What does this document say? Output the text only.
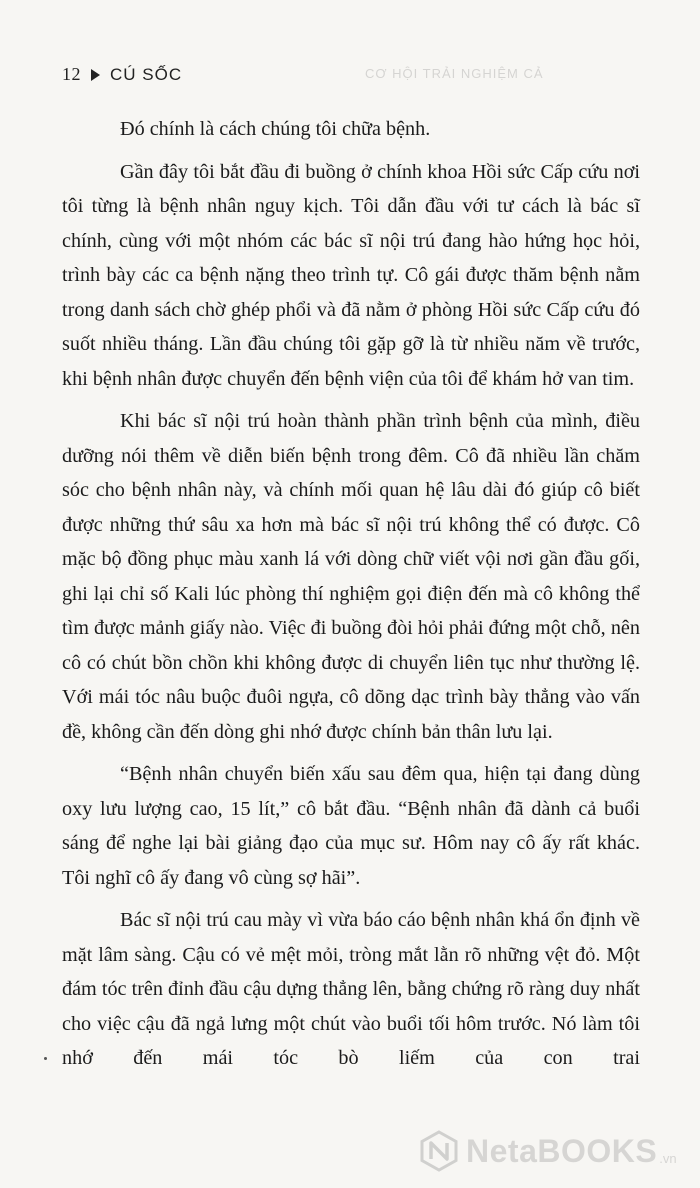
12 CÚ SỐC	CƠ HỘI TRẢI NGHIỆM CẢ

Đó chính là cách chúng tôi chữa bệnh.

Gần đây tôi bắt đầu đi buồng ở chính khoa Hồi sức Cấp cứu nơi tôi từng là bệnh nhân nguy kịch. Tôi dẫn đầu với tư cách là bác sĩ chính, cùng với một nhóm các bác sĩ nội trú đang hào hứng học hỏi, trình bày các ca bệnh nặng theo trình tự. Cô gái được thăm bệnh nằm trong danh sách chờ ghép phổi và đã nằm ở phòng Hồi sức Cấp cứu đó suốt nhiều tháng. Lần đầu chúng tôi gặp gỡ là từ nhiều năm về trước, khi bệnh nhân được chuyển đến bệnh viện của tôi để khám hở van tim.

Khi bác sĩ nội trú hoàn thành phần trình bệnh của mình, điều dưỡng nói thêm về diễn biến bệnh trong đêm. Cô đã nhiều lần chăm sóc cho bệnh nhân này, và chính mối quan hệ lâu dài đó giúp cô biết được những thứ sâu xa hơn mà bác sĩ nội trú không thể có được. Cô mặc bộ đồng phục màu xanh lá với dòng chữ viết vội nơi gần đầu gối, ghi lại chỉ số Kali lúc phòng thí nghiệm gọi điện đến mà cô không thể tìm được mảnh giấy nào. Việc đi buồng đòi hỏi phải đứng một chỗ, nên cô có chút bồn chồn khi không được di chuyển liên tục như thường lệ. Với mái tóc nâu buộc đuôi ngựa, cô dõng dạc trình bày thẳng vào vấn đề, không cần đến dòng ghi nhớ được chính bản thân lưu lại.

“Bệnh nhân chuyển biến xấu sau đêm qua, hiện tại đang dùng oxy lưu lượng cao, 15 lít,” cô bắt đầu. “Bệnh nhân đã dành cả buổi sáng để nghe lại bài giảng đạo của mục sư. Hôm nay cô ấy rất khác. Tôi nghĩ cô ấy đang vô cùng sợ hãi”.

Bác sĩ nội trú cau mày vì vừa báo cáo bệnh nhân khá ổn định về mặt lâm sàng. Cậu có vẻ mệt mỏi, tròng mắt lằn rõ những vệt đỏ. Một đám tóc trên đỉnh đầu cậu dựng thẳng lên, bằng chứng rõ ràng duy nhất cho việc cậu đã ngả lưng một chút vào buổi tối hôm trước. Nó làm tôi nhớ đến mái tóc bò liếm của con trai

NetaBOOKS .vn
